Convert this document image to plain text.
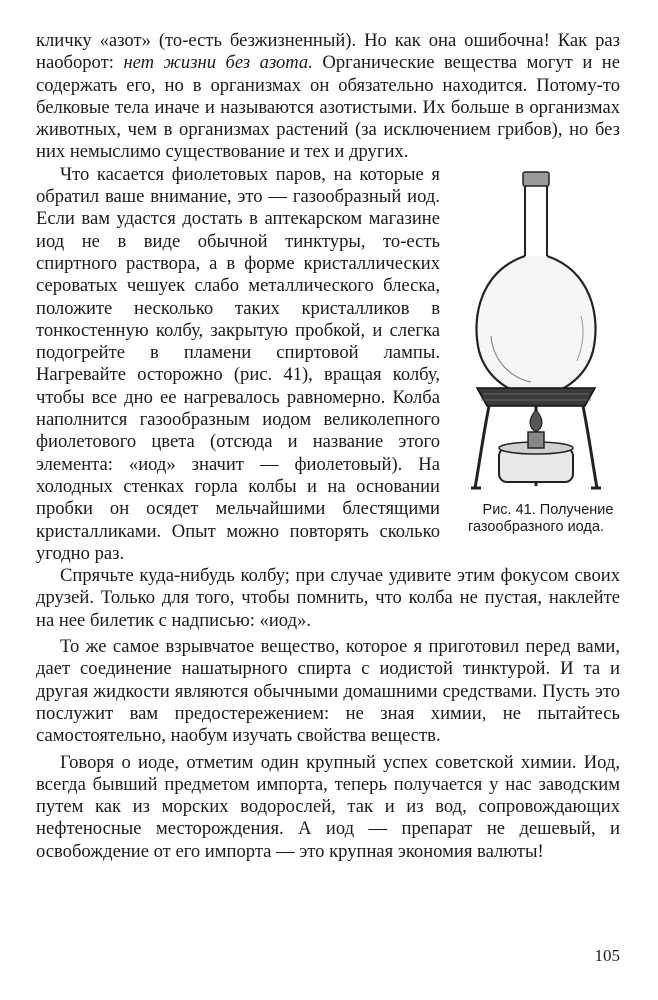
кличку «азот» (то-есть безжизненный). Но как она ошибочна! Как раз наоборот: нет жизни без азота. Органические вещества могут и не содержать его, но в организмах он обязательно находится. Потому-то белковые тела иначе и называются азотистыми. Их больше в организмах животных, чем в организмах растений (за исключением грибов), но без них немыслимо существование и тех и других.

Рис. 41. Получение газообразного иода.
Что касается фиолетовых паров, на которые я обратил ваше внимание, это — газообразный иод. Если вам удастся достать в аптекарском магазине иод не в виде обычной тинктуры, то-есть спиртного раствора, а в форме кристаллических сероватых чешуек слабо металлического блеска, положите несколько таких кристалликов в тонкостенную колбу, закрытую пробкой, и слегка подогрейте в пламени спиртовой лампы. Нагревайте осторожно (рис. 41), вращая колбу, чтобы все дно ее нагревалось равномерно. Колба наполнится газообразным иодом великолепного фиолетового цвета (отсюда и название этого элемента: «иод» значит — фиолетовый). На холодных стенках горла колбы и на основании пробки он осядет мельчайшими блестящими кристалликами. Опыт можно повторять сколько угодно раз.

Спрячьте куда-нибудь колбу; при случае удивите этим фокусом своих друзей. Только для того, чтобы помнить, что колба не пустая, наклейте на нее билетик с надписью: «иод».

То же самое взрывчатое вещество, которое я приготовил перед вами, дает соединение нашатырного спирта с иодистой тинктурой. И та и другая жидкости являются обычными домашними средствами. Пусть это послужит вам предостережением: не зная химии, не пытайтесь самостоятельно, наобум изучать свойства веществ.

Говоря о иоде, отметим один крупный успех советской химии. Иод, всегда бывший предметом импорта, теперь получается у нас заводским путем как из морских водорослей, так и из вод, сопровождающих нефтеносные месторождения. А иод — препарат не дешевый, и освобождение от его импорта — это крупная экономия валюты!

105
